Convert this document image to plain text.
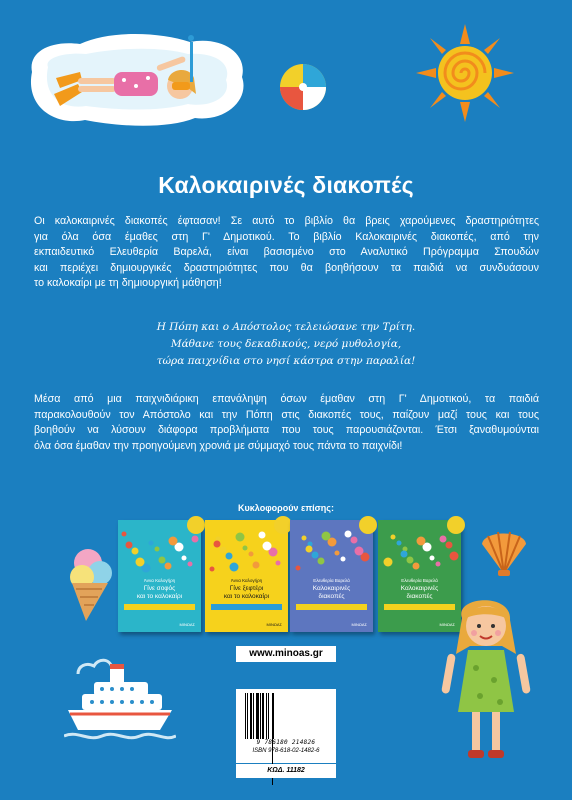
Καλοκαιρινές διακοπές
Οι καλοκαιρινές διακοπές έφτασαν! Σε αυτό το βιβλίο θα βρεις χαρούμενες δραστηριότητες
για όλα όσα έμαθες στη Γ' Δημοτικού. Το βιβλίο Καλοκαιρινές διακοπές, από την
εκπαιδευτικό Ελευθερία Βαρελά, είναι βασισμένο στο Αναλυτικό Πρόγραμμα Σπουδών
και περιέχει δημιουργικές δραστηριότητες που θα βοηθήσουν τα παιδιά να συνδυάσουν
το καλοκαίρι με τη δημιουργική μάθηση!
Η Πόπη και ο Απόστολος τελειώσανε την Τρίτη.
Μάθανε τους δεκαδικούς, νερό μυθολογία,
τώρα παιχνίδια στο νησί κάστρα στην παραλία!
Μέσα από μια παιχνιδιάρικη επανάληψη όσων έμαθαν στη Γ' Δημοτικού, τα παιδιά
παρακολουθούν τον Απόστολο και την Πόπη στις διακοπές τους, παίζουν μαζί τους και τους
βοηθούν να λύσουν διάφορα προβλήματα που τους παρουσιάζονται. Έτσι ξαναθυμούνται
όλα όσα έμαθαν την προηγούμενη χρονιά με σύμμαχό τους πάντα το παιχνίδι!
Κυκλοφορούν επίσης:
Άννα Καλογήρη
Γίνε σοφός
και το καλοκαίρι
ΜΙΝΩΑΣ
Άννα Καλογήρη
Γίνε ξεφτέρι
και το καλοκαίρι
ΜΙΝΩΑΣ
Ελευθερία Βαρελά
Καλοκαιρινές
διακοπές
ΜΙΝΩΑΣ
Ελευθερία Βαρελά
Καλοκαιρινές
διακοπές
ΜΙΝΩΑΣ
www.minoas.gr
9 786180 214826
ISBN 978-618-02-1482-6
ΚΩΔ. 11182
